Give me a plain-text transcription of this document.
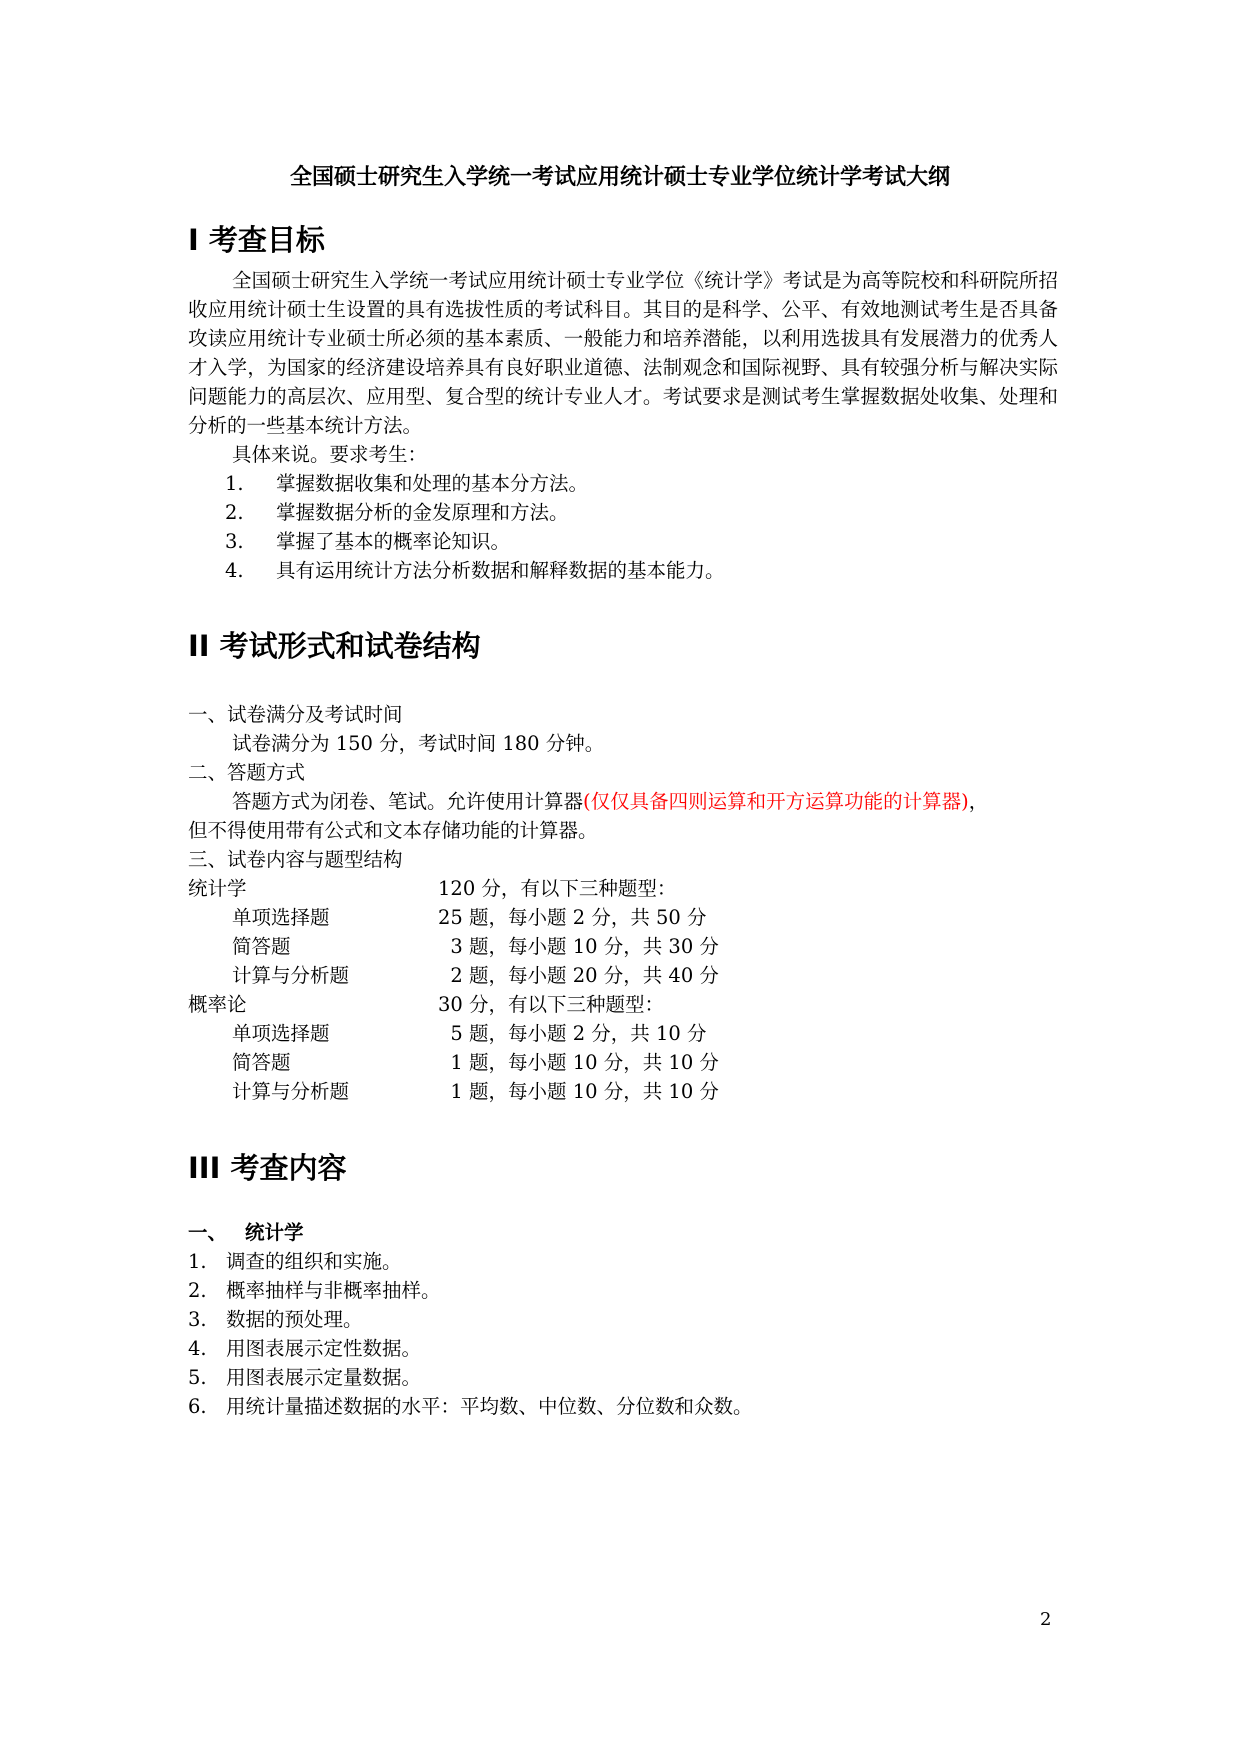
全国硕士研究生入学统一考试应用统计硕士专业学位统计学考试大纲
I 考查目标

全国硕士研究生入学统一考试应用统计硕士专业学位《统计学》考试是为高等院校和科研院所招收应用统计硕士生设置的具有选拔性质的考试科目。其目的是科学、公平、有效地测试考生是否具备攻读应用统计专业硕士所必须的基本素质、一般能力和培养潜能，以利用选拔具有发展潜力的优秀人才入学，为国家的经济建设培养具有良好职业道德、法制观念和国际视野、具有较强分析与解决实际问题能力的高层次、应用型、复合型的统计专业人才。考试要求是测试考生掌握数据处收集、处理和分析的一些基本统计方法。

具体来说。要求考生：
1. 掌握数据收集和处理的基本分方法。
2. 掌握数据分析的金发原理和方法。
3. 掌握了基本的概率论知识。
4. 具有运用统计方法分析数据和解释数据的基本能力。
II 考试形式和试卷结构
一、试卷满分及考试时间
试卷满分为 150 分，考试时间 180 分钟。
二、答题方式
答题方式为闭卷、笔试。允许使用计算器(仅仅具备四则运算和开方运算功能的计算器)，
但不得使用带有公式和文本存储功能的计算器。
三、试卷内容与题型结构
统计学	120 分，有以下三种题型：
单项选择题	25 题，每小题 2 分，共 50 分
简答题	3 题，每小题 10 分，共 30 分
计算与分析题	2 题，每小题 20 分，共 40 分
概率论	30 分，有以下三种题型：
单项选择题	5 题，每小题 2 分，共 10 分
简答题	1 题，每小题 10 分，共 10 分
计算与分析题	1 题，每小题 10 分，共 10 分
III 考查内容
一、 统计学
1. 调查的组织和实施。
2. 概率抽样与非概率抽样。
3. 数据的预处理。
4. 用图表展示定性数据。
5. 用图表展示定量数据。
6. 用统计量描述数据的水平：平均数、中位数、分位数和众数。
2
